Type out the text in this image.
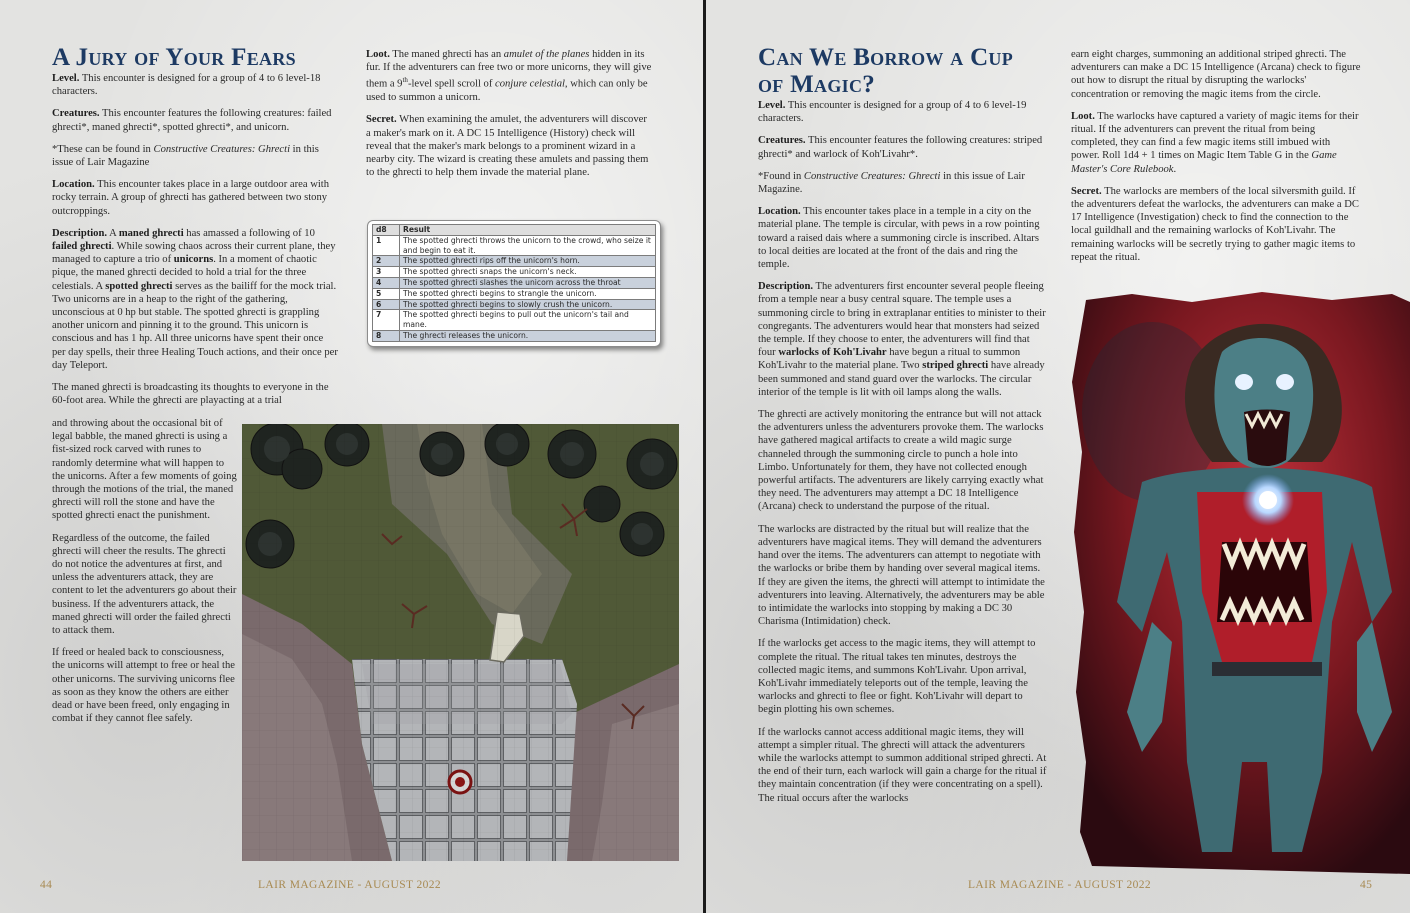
A Jury of Your Fears

Level. This encounter is designed for a group of 4 to 6 level-18 characters.

Creatures. This encounter features the following creatures: failed ghrecti*, maned ghrecti*, spotted ghrecti*, and unicorn.

*These can be found in Constructive Creatures: Ghrecti in this issue of Lair Magazine

Location. This encounter takes place in a large outdoor area with rocky terrain. A group of ghrecti has gathered between two stony outcroppings.

Description. A maned ghrecti has amassed a following of 10 failed ghrecti. While sowing chaos across their current plane, they managed to capture a trio of unicorns. In a moment of chaotic pique, the maned ghrecti decided to hold a trial for the three celestials. A spotted ghrecti serves as the bailiff for the mock trial. Two unicorns are in a heap to the right of the gathering, unconscious at 0 hp but stable. The spotted ghrecti is grappling another unicorn and pinning it to the ground. This unicorn is conscious and has 1 hp. All three unicorns have spent their once per day spells, their three Healing Touch actions, and their once per day Teleport.

The maned ghrecti is broadcasting its thoughts to everyone in the 60-foot area. While the ghrecti are playacting at a trial

and throwing about the occasional bit of legal babble, the maned ghrecti is using a fist-sized rock carved with runes to randomly determine what will happen to the unicorns. After a few moments of going through the motions of the trial, the maned ghrecti will roll the stone and have the spotted ghrecti enact the punishment.

Regardless of the outcome, the failed ghrecti will cheer the results. The ghrecti do not notice the adventures at first, and unless the adventurers attack, they are content to let the adventurers go about their business. If the adventurers attack, the maned ghrecti will order the failed ghrecti to attack them.

If freed or healed back to consciousness, the unicorns will attempt to free or heal the other unicorns. The surviving unicorns flee as soon as they know the others are either dead or have been freed, only engaging in combat if they cannot flee safely.

Loot. The maned ghrecti has an amulet of the planes hidden in its fur. If the adventurers can free two or more unicorns, they will give them a 9th-level spell scroll of conjure celestial, which can only be used to summon a unicorn.

Secret. When examining the amulet, the adventurers will discover a maker's mark on it. A DC 15 Intelligence (History) check will reveal that the maker's mark belongs to a prominent wizard in a nearby city. The wizard is creating these amulets and passing them to the ghrecti to help them invade the material plane.

d8	Result
1	The spotted ghrecti throws the unicorn to the crowd, who seize it and begin to eat it.
2	The spotted ghrecti rips off the unicorn's horn.
3	The spotted ghrecti snaps the unicorn's neck.
4	The spotted ghrecti slashes the unicorn across the throat
5	The spotted ghrecti begins to strangle the unicorn.
6	The spotted ghrecti begins to slowly crush the unicorn.
7	The spotted ghrecti begins to pull out the unicorn's tail and mane.
8	The ghrecti releases the unicorn.
44	LAIR MAGAZINE - AUGUST 2022
Can We Borrow a Cup of Magic?

Level. This encounter is designed for a group of 4 to 6 level-19 characters.

Creatures. This encounter features the following creatures: striped ghrecti* and warlock of Koh'Livahr*.

*Found in Constructive Creatures: Ghrecti in this issue of Lair Magazine.

Location. This encounter takes place in a temple in a city on the material plane. The temple is circular, with pews in a row pointing toward a raised dais where a summoning circle is inscribed. Altars to local deities are located at the front of the dais and ring the temple.

Description. The adventurers first encounter several people fleeing from a temple near a busy central square. The temple uses a summoning circle to bring in extraplanar entities to minister to their congregants. The adventurers would hear that monsters had seized the temple. If they choose to enter, the adventurers will find that four warlocks of Koh'Livahr have begun a ritual to summon Koh'Livahr to the material plane. Two striped ghrecti have already been summoned and stand guard over the warlocks. The circular interior of the temple is lit with oil lamps along the walls.

The ghrecti are actively monitoring the entrance but will not attack the adventurers unless the adventurers provoke them. The warlocks have gathered magical artifacts to create a wild magic surge channeled through the summoning circle to punch a hole into Limbo. Unfortunately for them, they have not collected enough powerful artifacts. The adventurers are likely carrying exactly what they need. The adventurers may attempt a DC 18 Intelligence (Arcana) check to understand the purpose of the ritual.

The warlocks are distracted by the ritual but will realize that the adventurers have magical items. They will demand the adventurers hand over the items. The adventurers can attempt to negotiate with the warlocks or bribe them by handing over several magical items. If they are given the items, the ghrecti will attempt to intimidate the adventurers into leaving. Alternatively, the adventurers may be able to intimidate the warlocks into stopping by making a DC 30 Charisma (Intimidation) check.

If the warlocks get access to the magic items, they will attempt to complete the ritual. The ritual takes ten minutes, destroys the collected magic items, and summons Koh'Livahr. Upon arrival, Koh'Livahr immediately teleports out of the temple, leaving the warlocks and ghrecti to flee or fight. Koh'Livahr will depart to begin plotting his own schemes.

If the warlocks cannot access additional magic items, they will attempt a simpler ritual. The ghrecti will attack the adventurers while the warlocks attempt to summon additional striped ghrecti. At the end of their turn, each warlock will gain a charge for the ritual if they maintain concentration (if they were concentrating on a spell). The ritual occurs after the warlocks

earn eight charges, summoning an additional striped ghrecti. The adventurers can make a DC 15 Intelligence (Arcana) check to figure out how to disrupt the ritual by disrupting the warlocks' concentration or removing the magic items from the circle.

Loot. The warlocks have captured a variety of magic items for their ritual. If the adventurers can prevent the ritual from being completed, they can find a few magic items still imbued with power. Roll 1d4 + 1 times on Magic Item Table G in the Game Master's Core Rulebook.

Secret. The warlocks are members of the local silversmith guild. If the adventurers defeat the warlocks, the adventurers can make a DC 17 Intelligence (Investigation) check to find the connection to the local guildhall and the remaining warlocks of Koh'Livahr. The remaining warlocks will be secretly trying to gather magic items to repeat the ritual.

LAIR MAGAZINE - AUGUST 2022	45
